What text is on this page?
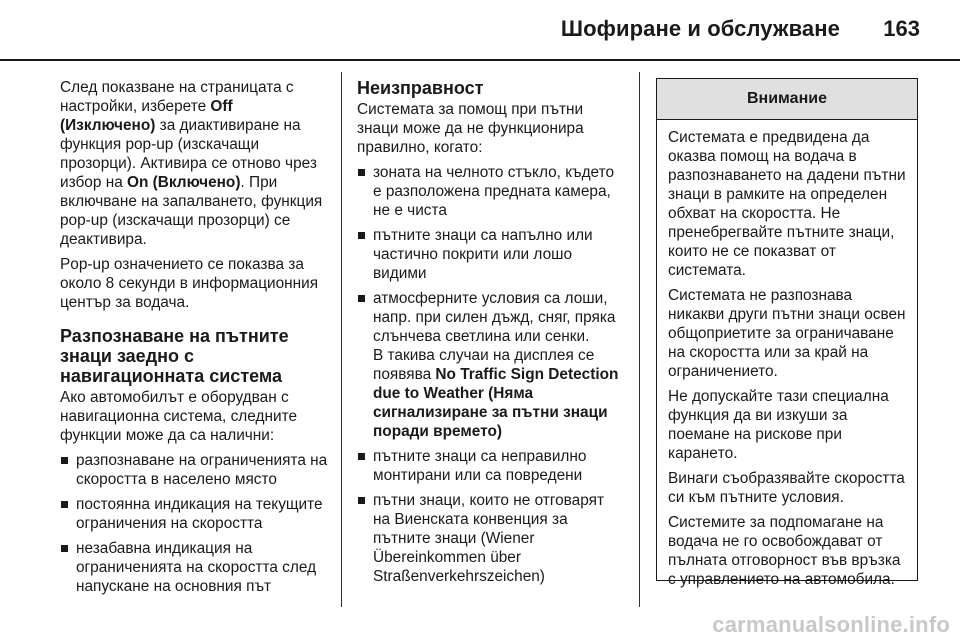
Шофиране и обслужване 163

След показване на страницата с настройки, изберете Off (Изключено) за диактивиране на функция pop-up (изскачащи прозорци). Активира се отново чрез избор на On (Включено). При включване на запалването, функция pop-up (изскачащи прозорци) се деактивира.

Pop-up означението се показва за около 8 секунди в информационния център за водача.

Разпознаване на пътните знаци заедно с навигационната система

Ако автомобилът е оборудван с навигационна система, следните функции може да са налични:

разпознаване на ограниченията на скоростта в населено място
постоянна индикация на текущите ограничения на скоростта
незабавна индикация на ограниченията на скоростта след напускане на основния път
Неизправност

Системата за помощ при пътни знаци може да не функционира правилно, когато:

зоната на челното стъкло, където е разположена предната камера, не е чиста
пътните знаци са напълно или частично покрити или лошо видими
атмосферните условия са лоши, напр. при силен дъжд, сняг, пряка слънчева светлина или сенки.
В такива случаи на дисплея се появява No Traffic Sign Detection due to Weather (Няма сигнализиране за пътни знаци поради времето)
пътните знаци са неправилно монтирани или са повредени
пътни знаци, които не отговарят на Виенската конвенция за пътните знаци (Wiener Übereinkommen über Straßenverkehrszeichen)
Внимание

Системата е предвидена да оказва помощ на водача в разпознаването на дадени пътни знаци в рамките на определен обхват на скоростта. Не пренебрегвайте пътните знаци, които не се показват от системата.

Системата не разпознава никакви други пътни знаци освен общоприетите за ограничаване на скоростта или за край на ограничението.

Не допускайте тази специална функция да ви изкуши за поемане на рискове при каранeто.

Винаги съобразявайте скоростта си към пътните условия.

Системите за подпомагане на водача не го освобождават от пълната отговорност във връзка с управлението на автомобила.

carmanualsonline.info
